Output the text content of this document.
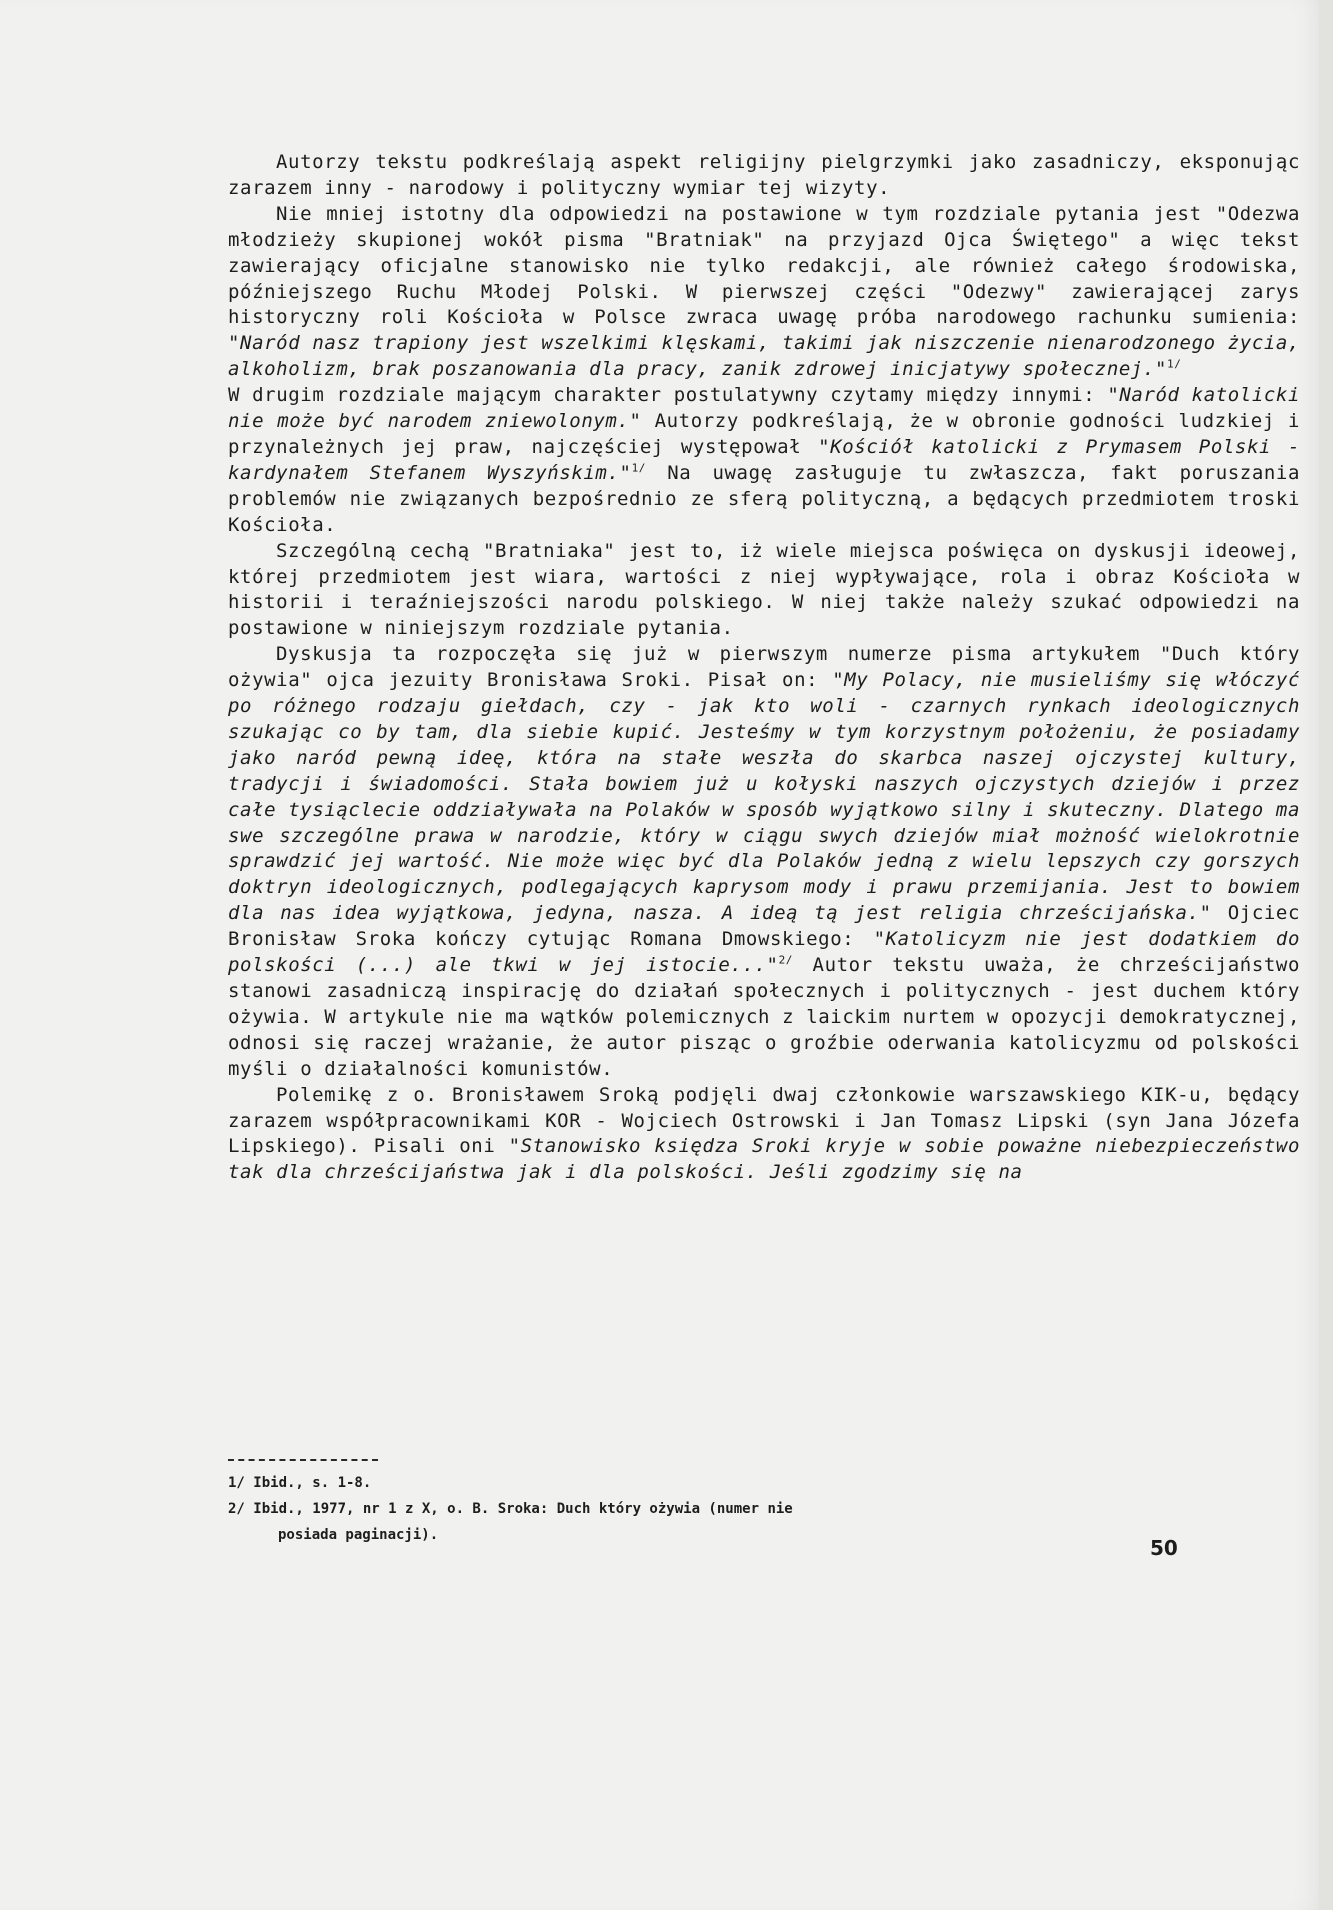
Autorzy tekstu podkreślają aspekt religijny pielgrzymki jako zasadniczy, eksponując zarazem inny - narodowy i polityczny wymiar tej wizyty.

Nie mniej istotny dla odpowiedzi na postawione w tym rozdziale pytania jest "Odezwa młodzieży skupionej wokół pisma "Bratniak" na przyjazd Ojca Świętego" a więc tekst zawierający oficjalne stanowisko nie tylko redakcji, ale również całego środowiska, późniejszego Ruchu Młodej Polski. W pierwszej części "Odezwy" zawierającej zarys historyczny roli Kościoła w Polsce zwraca uwagę próba narodowego rachunku sumienia: "Naród nasz trapiony jest wszelkimi klęskami, takimi jak niszczenie nienarodzonego życia, alkoholizm, brak poszanowania dla pracy, zanik zdrowej inicjatywy społecznej."$^{1/}$

W drugim rozdziale mającym charakter postulatywny czytamy między innymi: "Naród katolicki nie może być narodem zniewolonym." Autorzy podkreślają, że w obronie godności ludzkiej i przynależnych jej praw, najczęściej występował "Kościół katolicki z Prymasem Polski - kardynałem Stefanem Wyszyńskim."$^{1/}$ Na uwagę zasługuje tu zwłaszcza, fakt poruszania problemów nie związanych bezpośrednio ze sferą polityczną, a będących przedmiotem troski Kościoła.

Szczególną cechą "Bratniaka" jest to, iż wiele miejsca poświęca on dyskusji ideowej, której przedmiotem jest wiara, wartości z niej wypływające, rola i obraz Kościoła w historii i teraźniejszości narodu polskiego. W niej także należy szukać odpowiedzi na postawione w niniejszym rozdziale pytania.

Dyskusja ta rozpoczęła się już w pierwszym numerze pisma artykułem "Duch który ożywia" ojca jezuity Bronisława Sroki. Pisał on: "My Polacy, nie musieliśmy się włóczyć po różnego rodzaju giełdach, czy - jak kto woli - czarnych rynkach ideologicznych szukając co by tam, dla siebie kupić. Jesteśmy w tym korzystnym położeniu, że posiadamy jako naród pewną ideę, która na stałe weszła do skarbca naszej ojczystej kultury, tradycji i świadomości. Stała bowiem już u kołyski naszych ojczystych dziejów i przez całe tysiąclecie oddziaływała na Polaków w sposób wyjątkowo silny i skuteczny. Dlatego ma swe szczególne prawa w narodzie, który w ciągu swych dziejów miał możność wielokrotnie sprawdzić jej wartość. Nie może więc być dla Polaków jedną z wielu lepszych czy gorszych doktryn ideologicznych, podlegających kaprysom mody i prawu przemijania. Jest to bowiem dla nas idea wyjątkowa, jedyna, nasza. A ideą tą jest religia chrześcijańska." Ojciec Bronisław Sroka kończy cytując Romana Dmowskiego: "Katolicyzm nie jest dodatkiem do polskości (...) ale tkwi w jej istocie..."$^{2/}$ Autor tekstu uważa, że chrześcijaństwo stanowi zasadniczą inspirację do działań społecznych i politycznych - jest duchem który ożywia. W artykule nie ma wątków polemicznych z laickim nurtem w opozycji demokratycznej, odnosi się raczej wrażanie, że autor pisząc o groźbie oderwania katolicyzmu od polskości myśli o działalności komunistów.

Polemikę z o. Bronisławem Sroką podjęli dwaj członkowie warszawskiego KIK-u, będący zarazem współpracownikami KOR - Wojciech Ostrowski i Jan Tomasz Lipski (syn Jana Józefa Lipskiego). Pisali oni "Stanowisko księdza Sroki kryje w sobie poważne niebezpieczeństwo tak dla chrześcijaństwa jak i dla polskości. Jeśli zgodzimy się na

1/ Ibid., s. 1-8.
2/ Ibid., 1977, nr 1 z X, o. B. Sroka: Duch który ożywia (numer nie
posiada paginacji).
50
